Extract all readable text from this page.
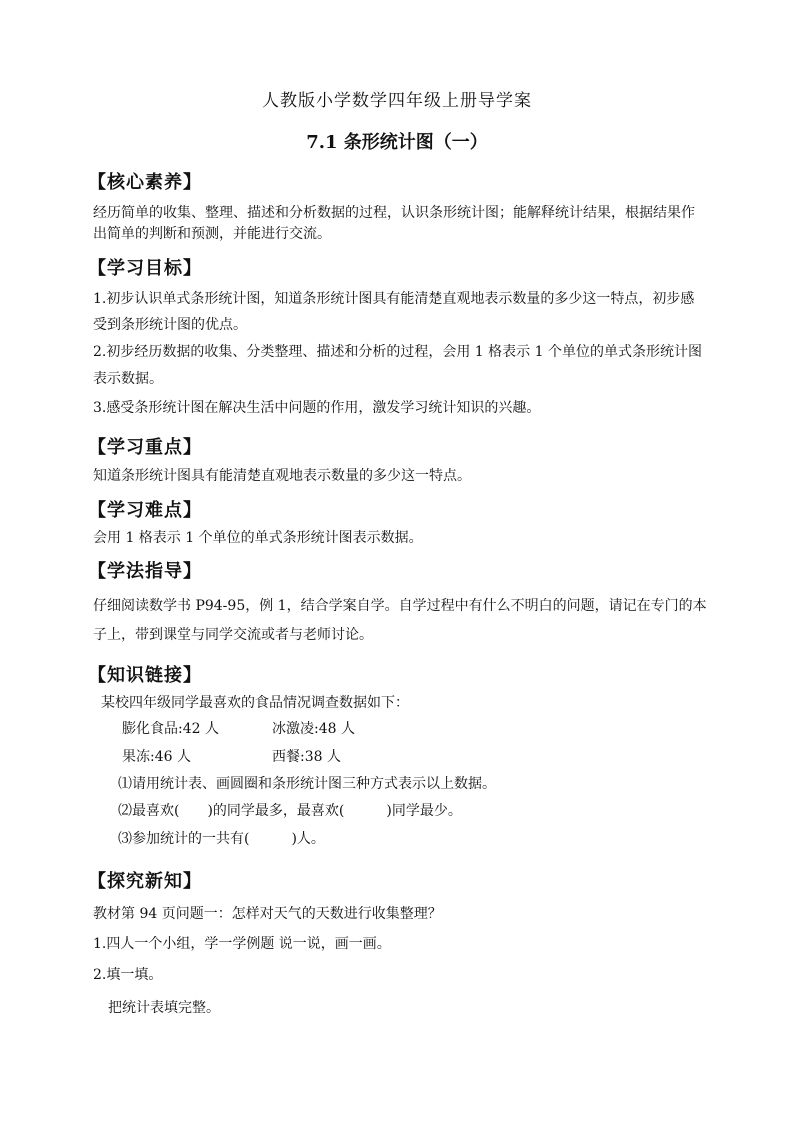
人教版小学数学四年级上册导学案
7.1 条形统计图（一）
【核心素养】
经历简单的收集、整理、描述和分析数据的过程，认识条形统计图；能解释统计结果，根据结果作
出简单的判断和预测，并能进行交流。
【学习目标】
1.初步认识单式条形统计图，知道条形统计图具有能清楚直观地表示数量的多少这一特点，初步感
受到条形统计图的优点。
2.初步经历数据的收集、分类整理、描述和分析的过程，会用 1 格表示 1 个单位的单式条形统计图
表示数据。
3.感受条形统计图在解决生活中问题的作用，激发学习统计知识的兴趣。
【学习重点】
知道条形统计图具有能清楚直观地表示数量的多少这一特点。
【学习难点】
会用 1 格表示 1 个单位的单式条形统计图表示数据。
【学法指导】
仔细阅读数学书 P94-95，例 1，结合学案自学。自学过程中有什么不明白的问题，请记在专门的本
子上，带到课堂与同学交流或者与老师讨论。
【知识链接】
某校四年级同学最喜欢的食品情况调查数据如下：
膨化食品:42 人	冰激凌:48 人
果冻:46 人	西餐:38 人
⑴请用统计表、画圆圈和条形统计图三种方式表示以上数据。
⑵最喜欢(　　)的同学最多，最喜欢(　　　)同学最少。
⑶参加统计的一共有(　　　)人。
【探究新知】
教材第 94 页问题一：怎样对天气的天数进行收集整理？
1.四人一个小组，学一学例题 说一说，画一画。
2.填一填。
把统计表填完整。
